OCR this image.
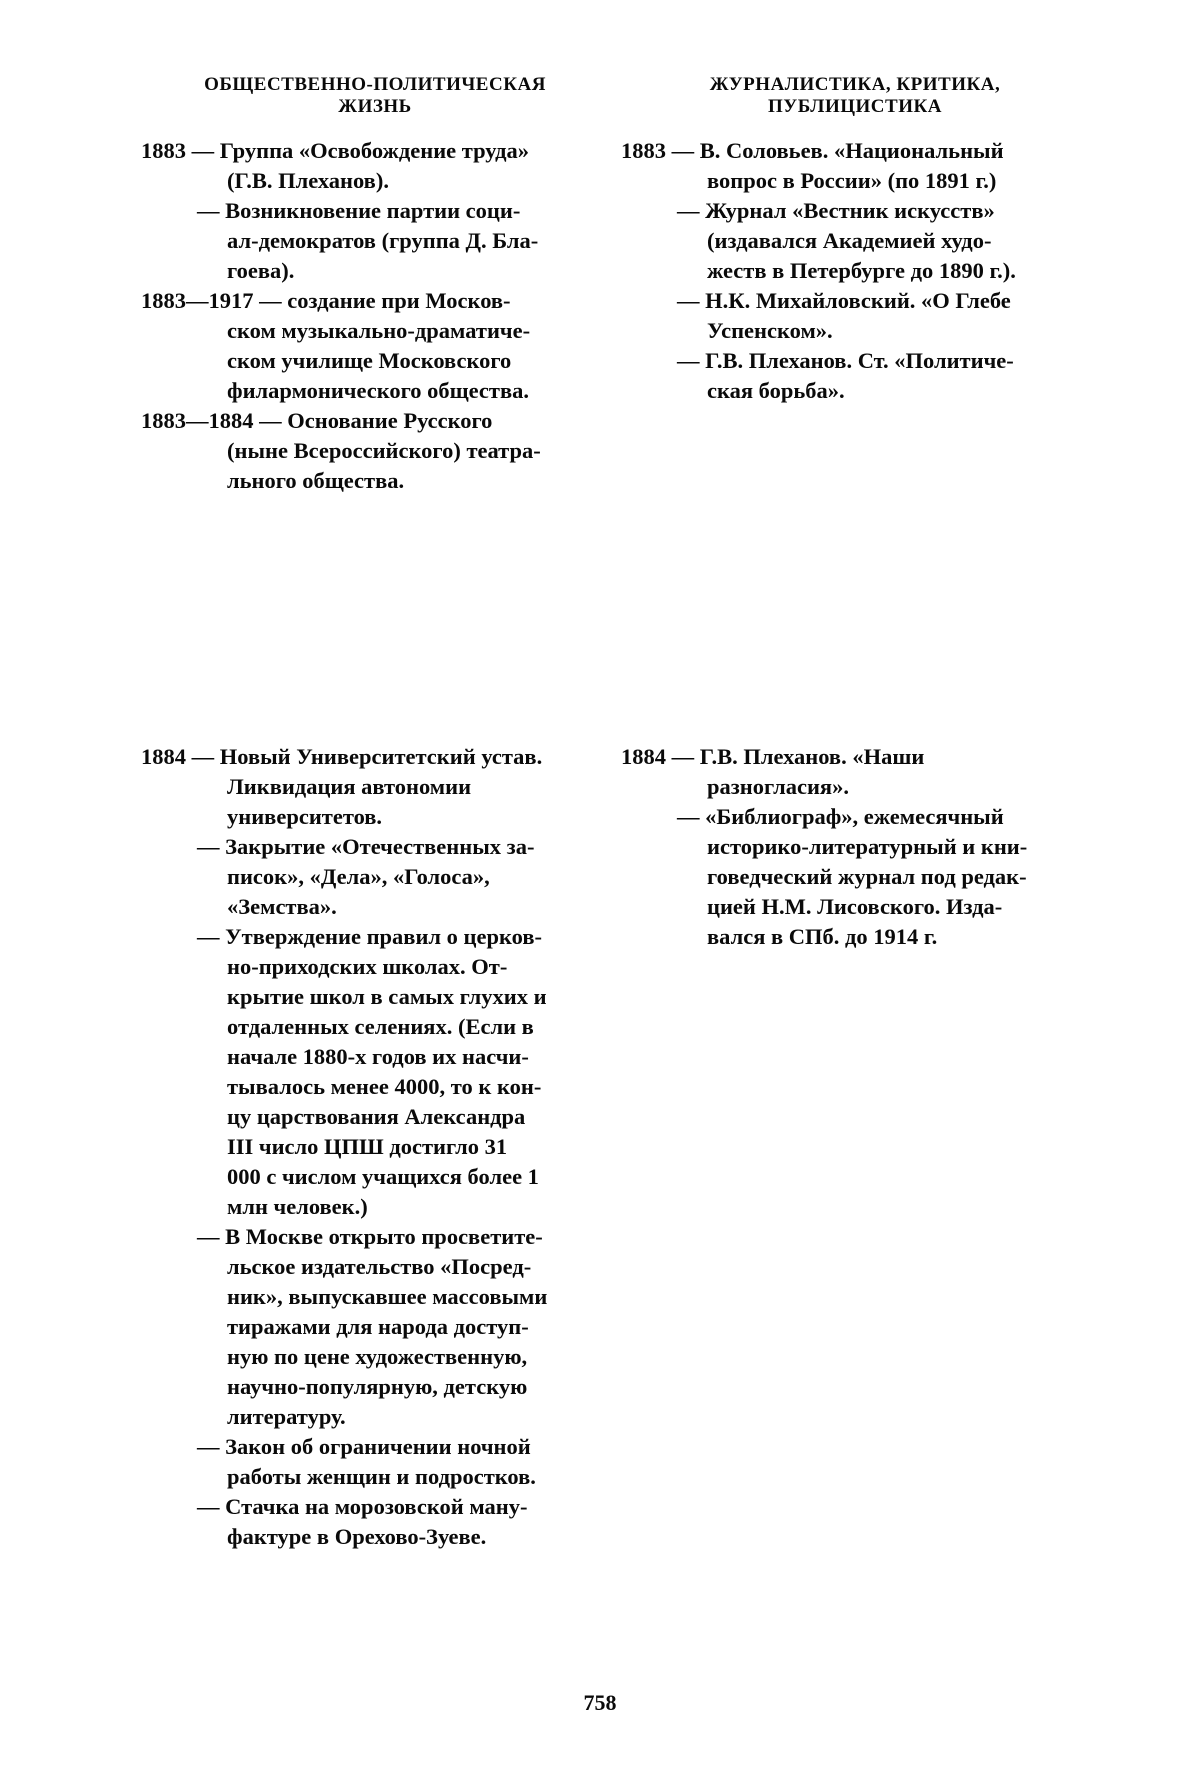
ОБЩЕСТВЕННО-ПОЛИТИЧЕСКАЯ
ЖИЗНЬ
ЖУРНАЛИСТИКА, КРИТИКА,
ПУБЛИЦИСТИКА
1883 — Группа «Освобождение труда»
(Г.В. Плеханов).
— Возникновение партии соци-
ал-демократов (группа Д. Бла-
гоева).
1883—1917 — создание при Москов-
ском музыкально-драматиче-
ском училище Московского
филармонического общества.
1883—1884 — Основание Русского
(ныне Всероссийского) театра-
льного общества.
1883 — В. Соловьев. «Национальный
вопрос в России» (по 1891 г.)
— Журнал «Вестник искусств»
(издавался Академией худо-
жеств в Петербурге до 1890 г.).
— Н.К. Михайловский. «О Глебе
Успенском».
— Г.В. Плеханов. Ст. «Политиче-
ская борьба».
1884 — Новый Университетский устав.
Ликвидация автономии
университетов.
— Закрытие «Отечественных за-
писок», «Дела», «Голоса»,
«Земства».
— Утверждение правил о церков-
но-приходских школах. От-
крытие школ в самых глухих и
отдаленных селениях. (Если в
начале 1880-х годов их насчи-
тывалось менее 4000, то к кон-
цу царствования Александра
III число ЦПШ достигло 31
000 с числом учащихся более 1
млн человек.)
— В Москве открыто просветите-
льское издательство «Посред-
ник», выпускавшее массовыми
тиражами для народа доступ-
ную по цене художественную,
научно-популярную, детскую
литературу.
— Закон об ограничении ночной
работы женщин и подростков.
— Стачка на морозовской ману-
фактуре в Орехово-Зуеве.
1884 — Г.В. Плеханов. «Наши
разногласия».
— «Библиограф», ежемесячный
историко-литературный и кни-
говедческий журнал под редак-
цией Н.М. Лисовского. Изда-
вался в СПб. до 1914 г.
758
